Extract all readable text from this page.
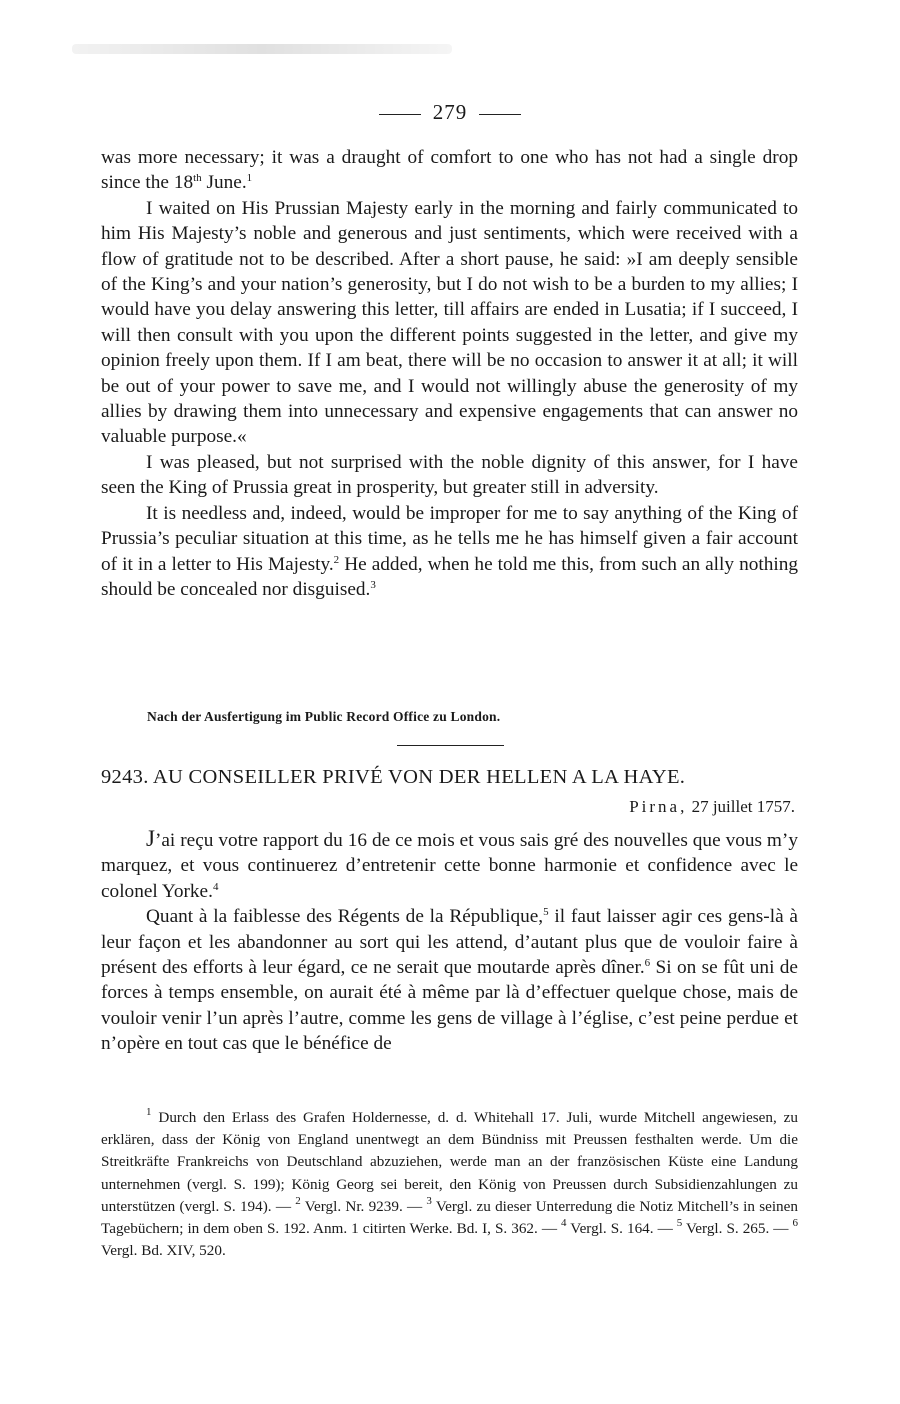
279

was more necessary; it was a draught of comfort to one who has not had a single drop since the 18th June.$^1$

I waited on His Prussian Majesty early in the morning and fairly communicated to him His Majesty’s noble and generous and just sentiments, which were received with a flow of gratitude not to be described. After a short pause, he said: »I am deeply sensible of the King’s and your nation’s generosity, but I do not wish to be a burden to my allies; I would have you delay answering this letter, till affairs are ended in Lusatia; if I succeed, I will then consult with you upon the different points suggested in the letter, and give my opinion freely upon them. If I am beat, there will be no occasion to answer it at all; it will be out of your power to save me, and I would not willingly abuse the generosity of my allies by drawing them into unnecessary and expensive engagements that can answer no valuable purpose.«

I was pleased, but not surprised with the noble dignity of this answer, for I have seen the King of Prussia great in prosperity, but greater still in adversity.

It is needless and, indeed, would be improper for me to say anything of the King of Prussia’s peculiar situation at this time, as he tells me he has himself given a fair account of it in a letter to His Majesty.$^2$ He added, when he told me this, from such an ally nothing should be concealed nor disguised.$^3$

Nach der Ausfertigung im Public Record Office zu London.
9243. AU CONSEILLER PRIVÉ VON DER HELLEN A LA HAYE.
Pirna, 27 juillet 1757.

J’ai reçu votre rapport du 16 de ce mois et vous sais gré des nouvelles que vous m’y marquez, et vous continuerez d’entretenir cette bonne harmonie et confidence avec le colonel Yorke.$^4$

Quant à la faiblesse des Régents de la République,$^5$ il faut laisser agir ces gens-là à leur façon et les abandonner au sort qui les attend, d’autant plus que de vouloir faire à présent des efforts à leur égard, ce ne serait que moutarde après dîner.$^6$ Si on se fût uni de forces à temps ensemble, on aurait été à même par là d’effectuer quelque chose, mais de vouloir venir l’un après l’autre, comme les gens de village à l’église, c’est peine perdue et n’opère en tout cas que le bénéfice de

$^1$ Durch den Erlass des Grafen Holdernesse, d. d. Whitehall 17. Juli, wurde Mitchell angewiesen, zu erklären, dass der König von England unentwegt an dem Bündniss mit Preussen festhalten werde. Um die Streitkräfte Frankreichs von Deutschland abzuziehen, werde man an der französischen Küste eine Landung unternehmen (vergl. S. 199); König Georg sei bereit, den König von Preussen durch Subsidienzahlungen zu unterstützen (vergl. S. 194). — $^2$ Vergl. Nr. 9239. — $^3$ Vergl. zu dieser Unterredung die Notiz Mitchell’s in seinen Tagebüchern; in dem oben S. 192. Anm. 1 citirten Werke. Bd. I, S. 362. — $^4$ Vergl. S. 164. — $^5$ Vergl. S. 265. — $^6$ Vergl. Bd. XIV, 520.
